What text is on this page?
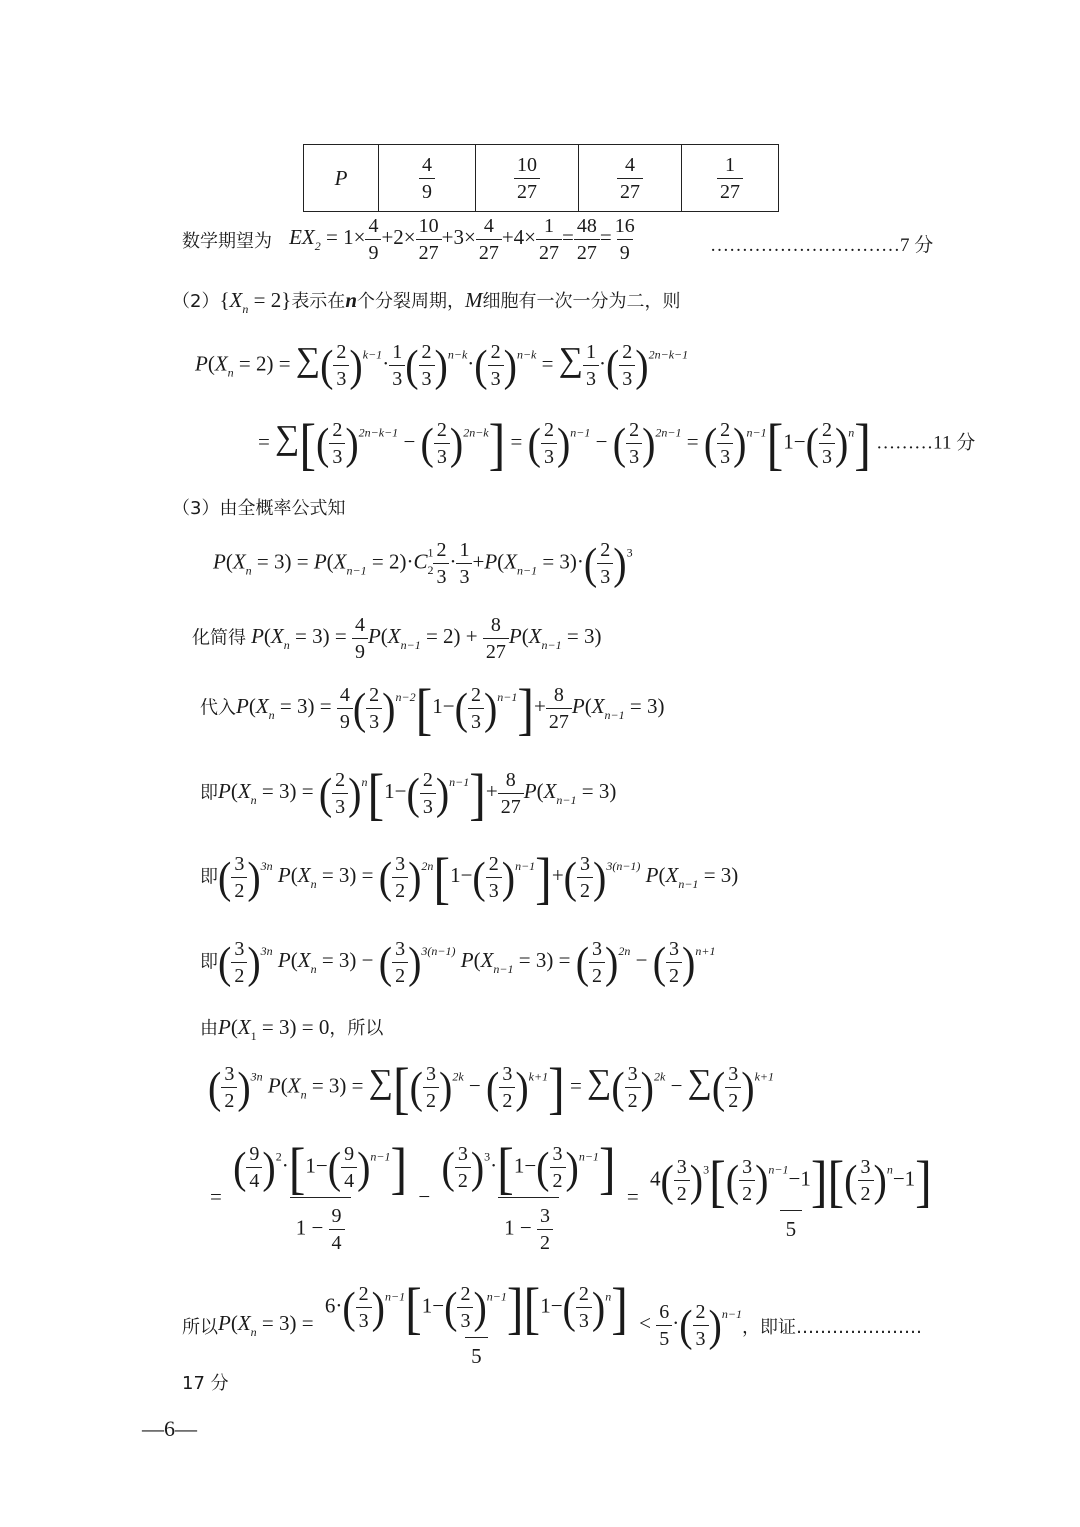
P	$\frac{4}{9}$	$\frac{10}{27}$	$\frac{4}{27}$	$\frac{1}{27}$
数学期望为 $EX_2 = 1\times \frac{4}{9} +2\times \frac{10}{27} +3\times \frac{4}{27} +4\times \frac{1}{27} = \frac{48}{27} = \frac{16}{9}$	…………………………7 分
$(2)\{X_n = 2\}$表示在n个分裂周期，M细胞有一次一分为二，则
$P(X_n = 2)$ = ∑( $\frac{2}{3} )^{k-1}\cdot \frac{1}{3}$ ( $\frac{2}{3} )^{n-k}\cdot( \frac{2}{3} )^{n-k}$ = ∑ $\frac{1}{3}$ ·( $\frac{2}{3} )^{2n-k-1}$
= ∑[( $\frac{2}{3} )^{2n-k-1}$ − ( $\frac{2}{3} )^{2n-k}$] = ( $\frac{2}{3} )^{n-1}$ − ( $\frac{2}{3} )^{2n-1}$ = ( $\frac{2}{3} )^{n-1}[1-( \frac{2}{3} )^n]$ ………11 分
（3）由全概率公式知
$P(X_n = 3) = P(X_{n-1} = 2)\cdot C^1_2 \frac{2}{3} \cdot \frac{1}{3} +P(X_{n-1} = 3)\cdot( \frac{2}{3} )^3$
化简得 $P(X_n = 3) = \frac{4}{9} P(X_{n-1} = 2) + \frac{8}{27} P(X_{n-1} = 3)$
代入$P(X_n = 3) = \frac{4}{9}$ ( $\frac{2}{3} )^{n-2}[1-( \frac{2}{3} )^{n-1}]+ \frac{8}{27} P(X_{n-1} = 3)$
即$P(X_n = 3)$ = ( $\frac{2}{3} )^n[1-( \frac{2}{3} )^{n-1}]+ \frac{8}{27} P(X_{n-1} = 3)$
即( $\frac{3}{2} )^{3n}$ $P(X_n = 3)$ = ( $\frac{3}{2} )^{2n}[1-( \frac{2}{3} )^{n-1}]+( \frac{3}{2} )^{3(n-1)}$ $P(X_{n-1} = 3)$
即( $\frac{3}{2} )^{3n}$ $P(X_n = 3)$ − ( $\frac{3}{2} )^{3(n-1)}$ $P(X_{n-1} = 3)$ = ( $\frac{3}{2} )^{2n}$ − ( $\frac{3}{2} )^{n+1}$
由$P(X_1 = 3) = 0$，所以
( $\frac{3}{2} )^{3n}$ $P(X_n = 3)$ = ∑[( $\frac{3}{2} )^{2k}$ − ( $\frac{3}{2} )^{k+1}$] = ∑( $\frac{3}{2} )^{2k}$ − ∑( $\frac{3}{2} )^{k+1}$
= $\frac{( \frac{9}{4} )^2\cdot[1-( \frac{9}{4} )^{n-1}]}{1 - \frac{9}{4}} - \frac{( \frac{3}{2} )^3\cdot[1-( \frac{3}{2} )^{n-1}]}{1 - \frac{3}{2}} = \frac{4( \frac{3}{2} )^3[( \frac{3}{2} )^{n-1}-1][( \frac{3}{2} )^n-1]}{5}$
所以$P(X_n = 3) = \frac{6\cdot( \frac{2}{3} )^{n-1}[1-( \frac{2}{3} )^{n-1}][1-( \frac{2}{3} )^n]}{5} < \frac{6}{5}$ ·( $\frac{2}{3} )^{n-1}$，即证…………………17 分
—6—
